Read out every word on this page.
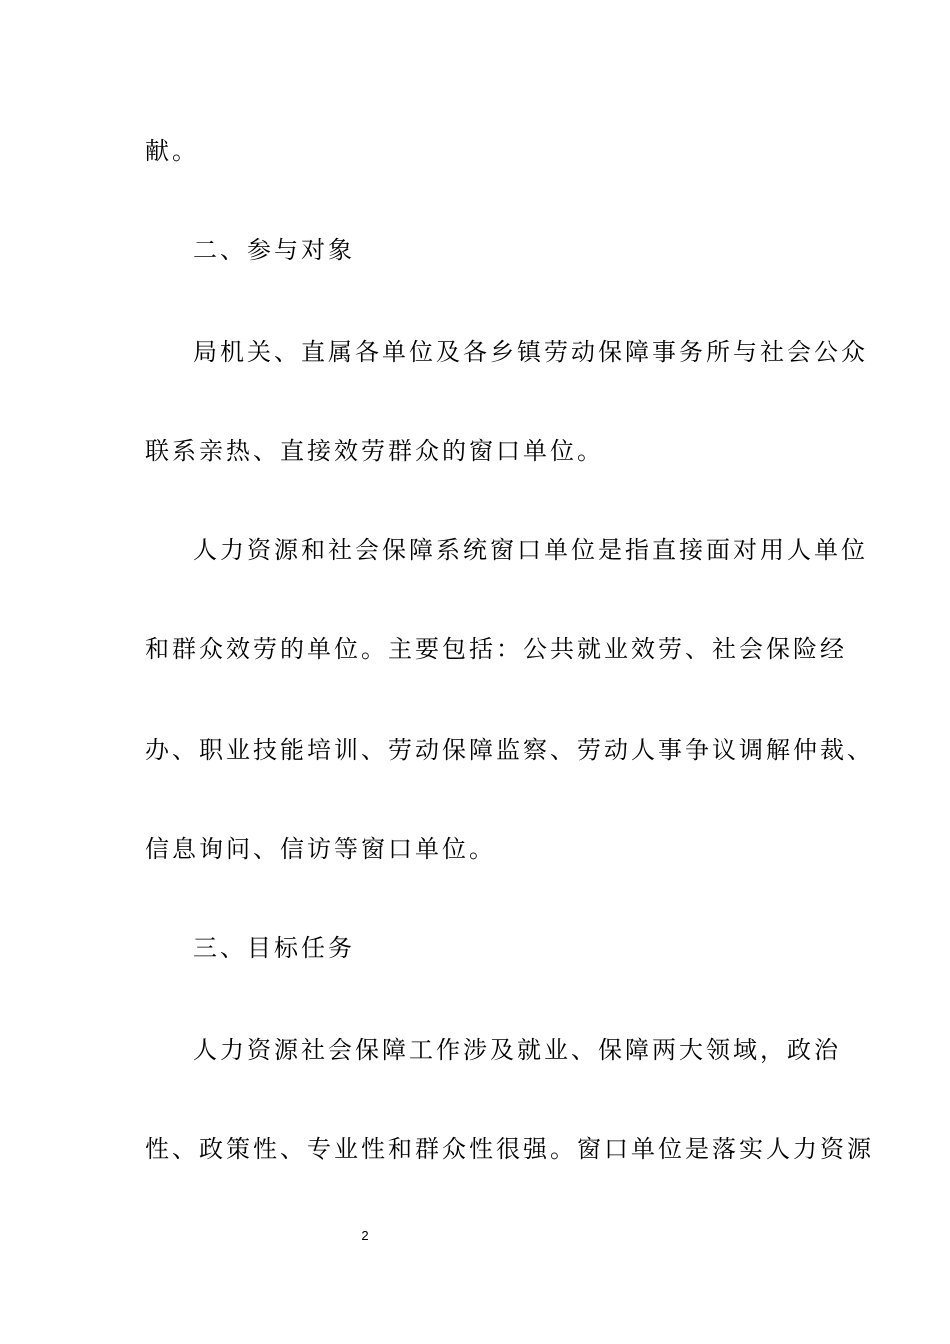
献。
二、参与对象
局机关、直属各单位及各乡镇劳动保障事务所与社会公众
联系亲热、直接效劳群众的窗口单位。
人力资源和社会保障系统窗口单位是指直接面对用人单位
和群众效劳的单位。主要包括：公共就业效劳、社会保险经
办、职业技能培训、劳动保障监察、劳动人事争议调解仲裁、
信息询问、信访等窗口单位。
三、目标任务
人力资源社会保障工作涉及就业、保障两大领域，政治
性、政策性、专业性和群众性很强。窗口单位是落实人力资源
2
